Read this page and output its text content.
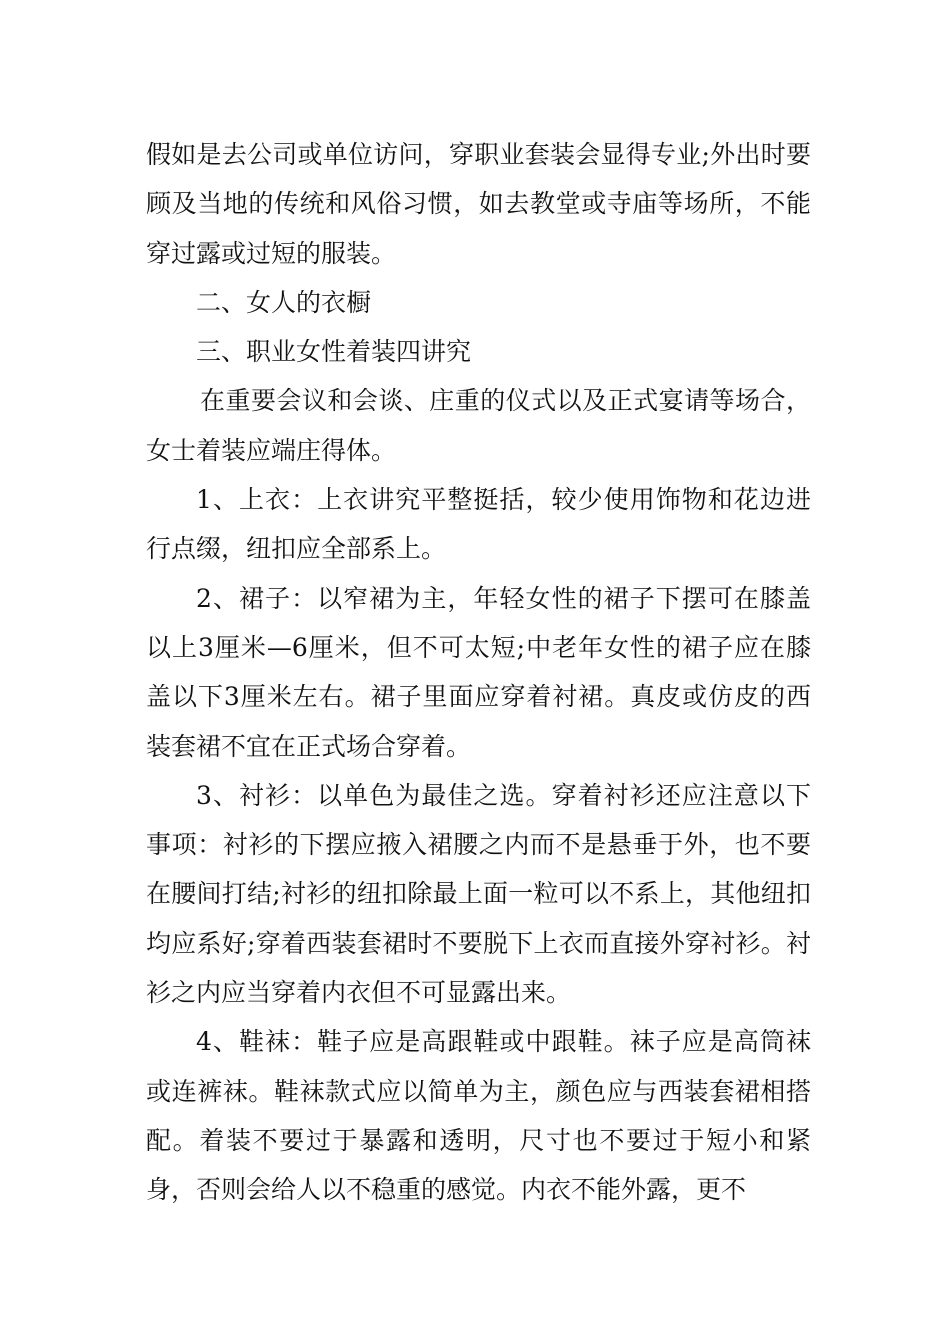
假如是去公司或单位访问，穿职业套装会显得专业;外出时要顾及当地的传统和风俗习惯，如去教堂或寺庙等场所，不能穿过露或过短的服装。

二、女人的衣橱

三、职业女性着装四讲究

在重要会议和会谈、庄重的仪式以及正式宴请等场合，女士着装应端庄得体。

1、上衣：上衣讲究平整挺括，较少使用饰物和花边进行点缀，纽扣应全部系上。

2、裙子：以窄裙为主，年轻女性的裙子下摆可在膝盖以上3厘米—6厘米，但不可太短;中老年女性的裙子应在膝盖以下3厘米左右。裙子里面应穿着衬裙。真皮或仿皮的西装套裙不宜在正式场合穿着。

3、衬衫：以单色为最佳之选。穿着衬衫还应注意以下事项：衬衫的下摆应掖入裙腰之内而不是悬垂于外，也不要在腰间打结;衬衫的纽扣除最上面一粒可以不系上，其他纽扣均应系好;穿着西装套裙时不要脱下上衣而直接外穿衬衫。衬衫之内应当穿着内衣但不可显露出来。

4、鞋袜：鞋子应是高跟鞋或中跟鞋。袜子应是高筒袜或连裤袜。鞋袜款式应以简单为主，颜色应与西装套裙相搭配。着装不要过于暴露和透明，尺寸也不要过于短小和紧身，否则会给人以不稳重的感觉。内衣不能外露，更不
